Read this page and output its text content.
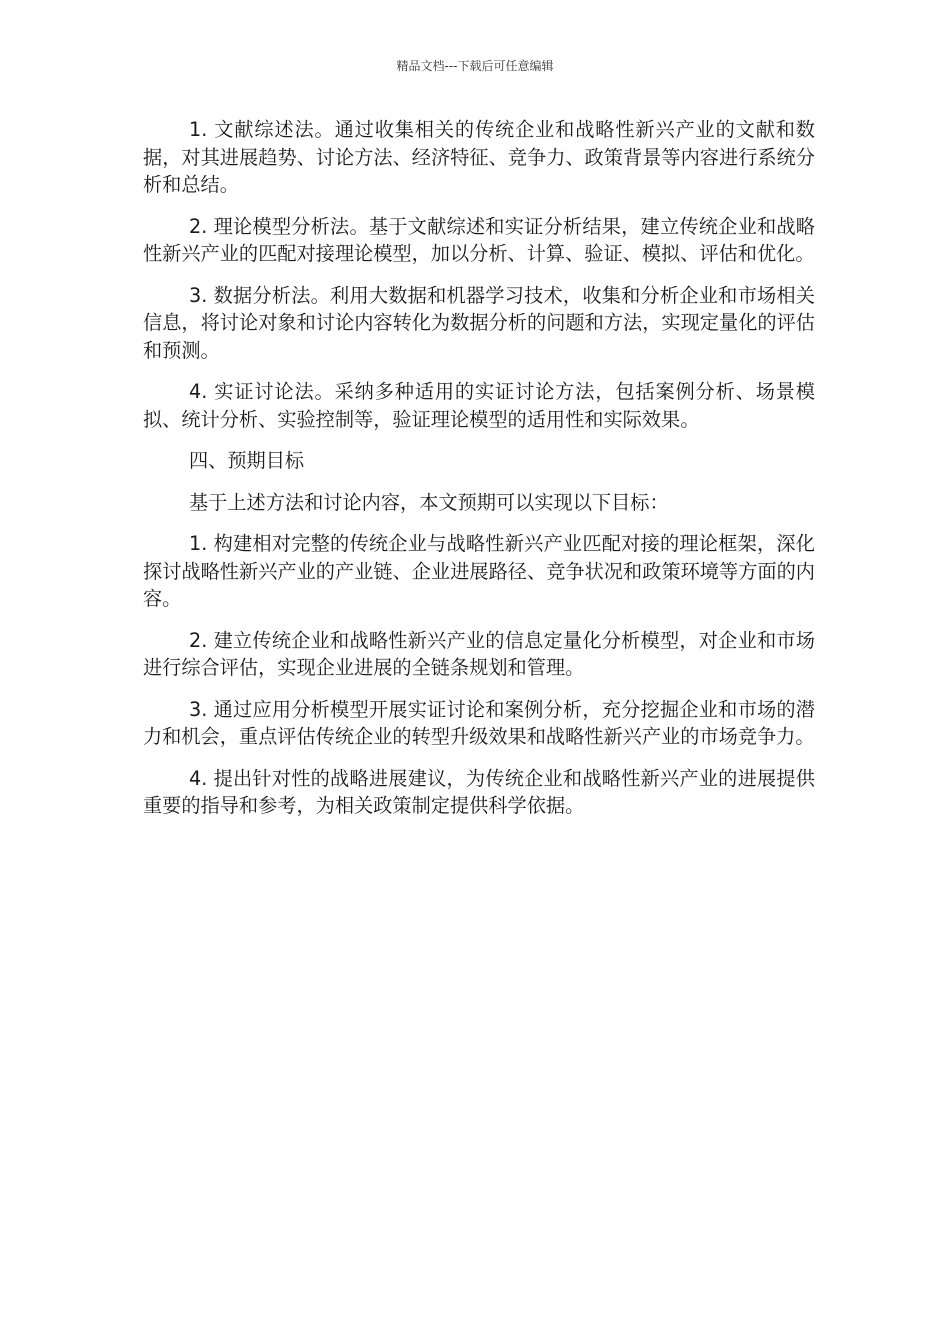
精品文档---下载后可任意编辑

1. 文献综述法。通过收集相关的传统企业和战略性新兴产业的文献和数据，对其进展趋势、讨论方法、经济特征、竞争力、政策背景等内容进行系统分析和总结。

2. 理论模型分析法。基于文献综述和实证分析结果，建立传统企业和战略性新兴产业的匹配对接理论模型，加以分析、计算、验证、模拟、评估和优化。

3. 数据分析法。利用大数据和机器学习技术，收集和分析企业和市场相关信息，将讨论对象和讨论内容转化为数据分析的问题和方法，实现定量化的评估和预测。

4. 实证讨论法。采纳多种适用的实证讨论方法，包括案例分析、场景模拟、统计分析、实验控制等，验证理论模型的适用性和实际效果。

四、预期目标

基于上述方法和讨论内容，本文预期可以实现以下目标：

1. 构建相对完整的传统企业与战略性新兴产业匹配对接的理论框架，深化探讨战略性新兴产业的产业链、企业进展路径、竞争状况和政策环境等方面的内容。

2. 建立传统企业和战略性新兴产业的信息定量化分析模型，对企业和市场进行综合评估，实现企业进展的全链条规划和管理。

3. 通过应用分析模型开展实证讨论和案例分析，充分挖掘企业和市场的潜力和机会，重点评估传统企业的转型升级效果和战略性新兴产业的市场竞争力。

4. 提出针对性的战略进展建议，为传统企业和战略性新兴产业的进展提供重要的指导和参考，为相关政策制定提供科学依据。
